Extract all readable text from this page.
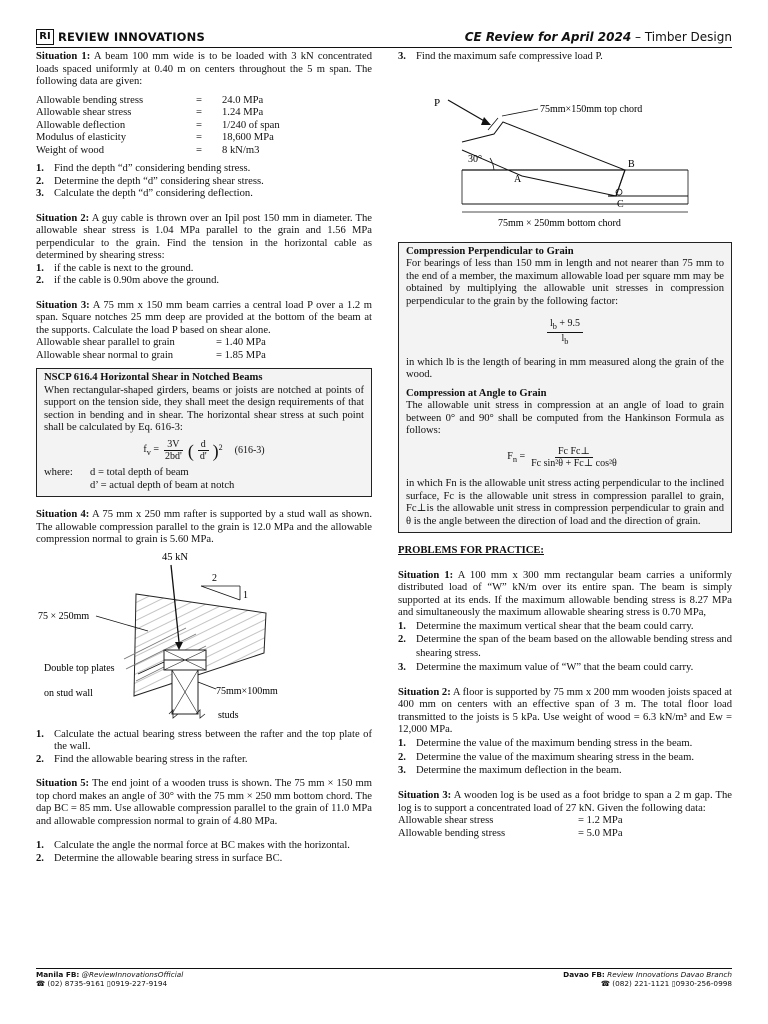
RI REVIEW INNOVATIONS	CE Review for April 2024 – Timber Design

Situation 1: A beam 100 mm wide is to be loaded with 3 kN concentrated loads spaced uniformly at 0.40 m on centers throughout the 5 m span. The following data are given:

Allowable bending stress	=	24.0 MPa
Allowable shear stress	=	1.24 MPa
Allowable deflection	=	1/240 of span
Modulus of elasticity	=	18,600 MPa
Weight of wood	=	8 kN/m3
1. Find the depth “d” considering bending stress.
2. Determine the depth “d” considering shear stress.
3. Calculate the depth “d” considering deflection.

Situation 2: A guy cable is thrown over an Ipil post 150 mm in diameter. The allowable shear stress is 1.04 MPa parallel to the grain and 1.56 MPa perpendicular to the grain. Find the tension in the horizontal cable as determined by shearing stress:

1. if the cable is next to the ground.
2. if the cable is 0.90m above the ground.

Situation 3: A 75 mm x 150 mm beam carries a central load P over a 1.2 m span. Square notches 25 mm deep are provided at the bottom of the beam at the supports. Calculate the load P based on shear alone.

Allowable shear parallel to grain	= 1.40 MPa
Allowable shear normal to grain	= 1.85 MPa
NSCP 616.4 Horizontal Shear in Notched Beams

When rectangular-shaped girders, beams or joists are notched at points of support on the tension side, they shall meet the design requirements of that section in bending and in shear. The horizontal shear stress at such point shall be calculated by Eq. 616-3:

$f_v = \frac{3V}{2bd'}$ ( $\frac{d}{d'} )^2$ (616-3)
where:	d = total depth of beam
d’ = actual depth of beam at notch

Situation 4: A 75 mm x 250 mm rafter is supported by a stud wall as shown. The allowable compression parallel to the grain is 12.0 MPa and the allowable compression normal to grain is 5.60 MPa.

45 kN
2
1
75 × 250mm
Double top plates
on stud wall	75mm×100mm
studs
1. Calculate the actual bearing stress between the rafter and the top plate of the wall.
2. Find the allowable bearing stress in the rafter.

Situation 5: The end joint of a wooden truss is shown. The 75 mm × 150 mm top chord makes an angle of 30° with the 75 mm × 250 mm bottom chord. The dap BC = 85 mm. Use allowable compression parallel to the grain of 11.0 MPa and allowable compression normal to grain of 4.80 MPa.

1. Calculate the angle the normal force at BC makes with the horizontal.
2. Determine the allowable bearing stress in surface BC.
3. Find the maximum safe compressive load P.
P
75mm×150mm top chord
30°
A
B
C
75mm × 250mm bottom chord
Compression Perpendicular to Grain

For bearings of less than 150 mm in length and not nearer than 75 mm to the end of a member, the maximum allowable load per square mm may be obtained by multiplying the allowable unit stresses in compression perpendicular to the grain by the following factor:

$\frac{l_b + 9.5}{l_b}$

in which lb is the length of bearing in mm measured along the grain of the wood.

Compression at Angle to Grain

The allowable unit stress in compression at an angle of load to grain between 0° and 90° shall be computed from the Hankinson Formula as follows:

$F_n = \frac{\text{Fc Fc⊥}}{\text{Fc sin²θ + Fc⊥ cos²θ}}$

in which Fn is the allowable unit stress acting perpendicular to the inclined surface, Fc is the allowable unit stress in compression parallel to grain, Fc⊥is the allowable unit stress in compression perpendicular to grain and θ is the angle between the direction of load and the direction of grain.

PROBLEMS FOR PRACTICE:

Situation 1: A 100 mm x 300 mm rectangular beam carries a uniformly distributed load of “W” kN/m over its entire span. The beam is simply supported at its ends. If the maximum allowable bending stress is 8.27 MPa and simultaneously the maximum allowable shearing stress is 0.70 MPa,

1. Determine the maximum vertical shear that the beam could carry.
2. Determine the span of the beam based on the allowable bending stress and shearing stress.
3. Determine the maximum value of “W” that the beam could carry.

Situation 2: A floor is supported by 75 mm x 200 mm wooden joists spaced at 400 mm on centers with an effective span of 3 m. The total floor load transmitted to the joists is 5 kPa. Use weight of wood = 6.3 kN/m³ and Ew = 12,000 MPa.

1. Determine the value of the maximum bending stress in the beam.
2. Determine the value of the maximum shearing stress in the beam.
3. Determine the maximum deflection in the beam.

Situation 3: A wooden log is be used as a foot bridge to span a 2 m gap. The log is to support a concentrated load of 27 kN. Given the following data:

Allowable shear stress	= 1.2 MPa
Allowable bending stress	= 5.0 MPa
Manila FB: @ReviewInnovationsOfficial
☎ (02) 8735-9161 ▯0919-227-9194
Davao FB: Review Innovations Davao Branch
☎ (082) 221-1121 ▯0930-256-0998
